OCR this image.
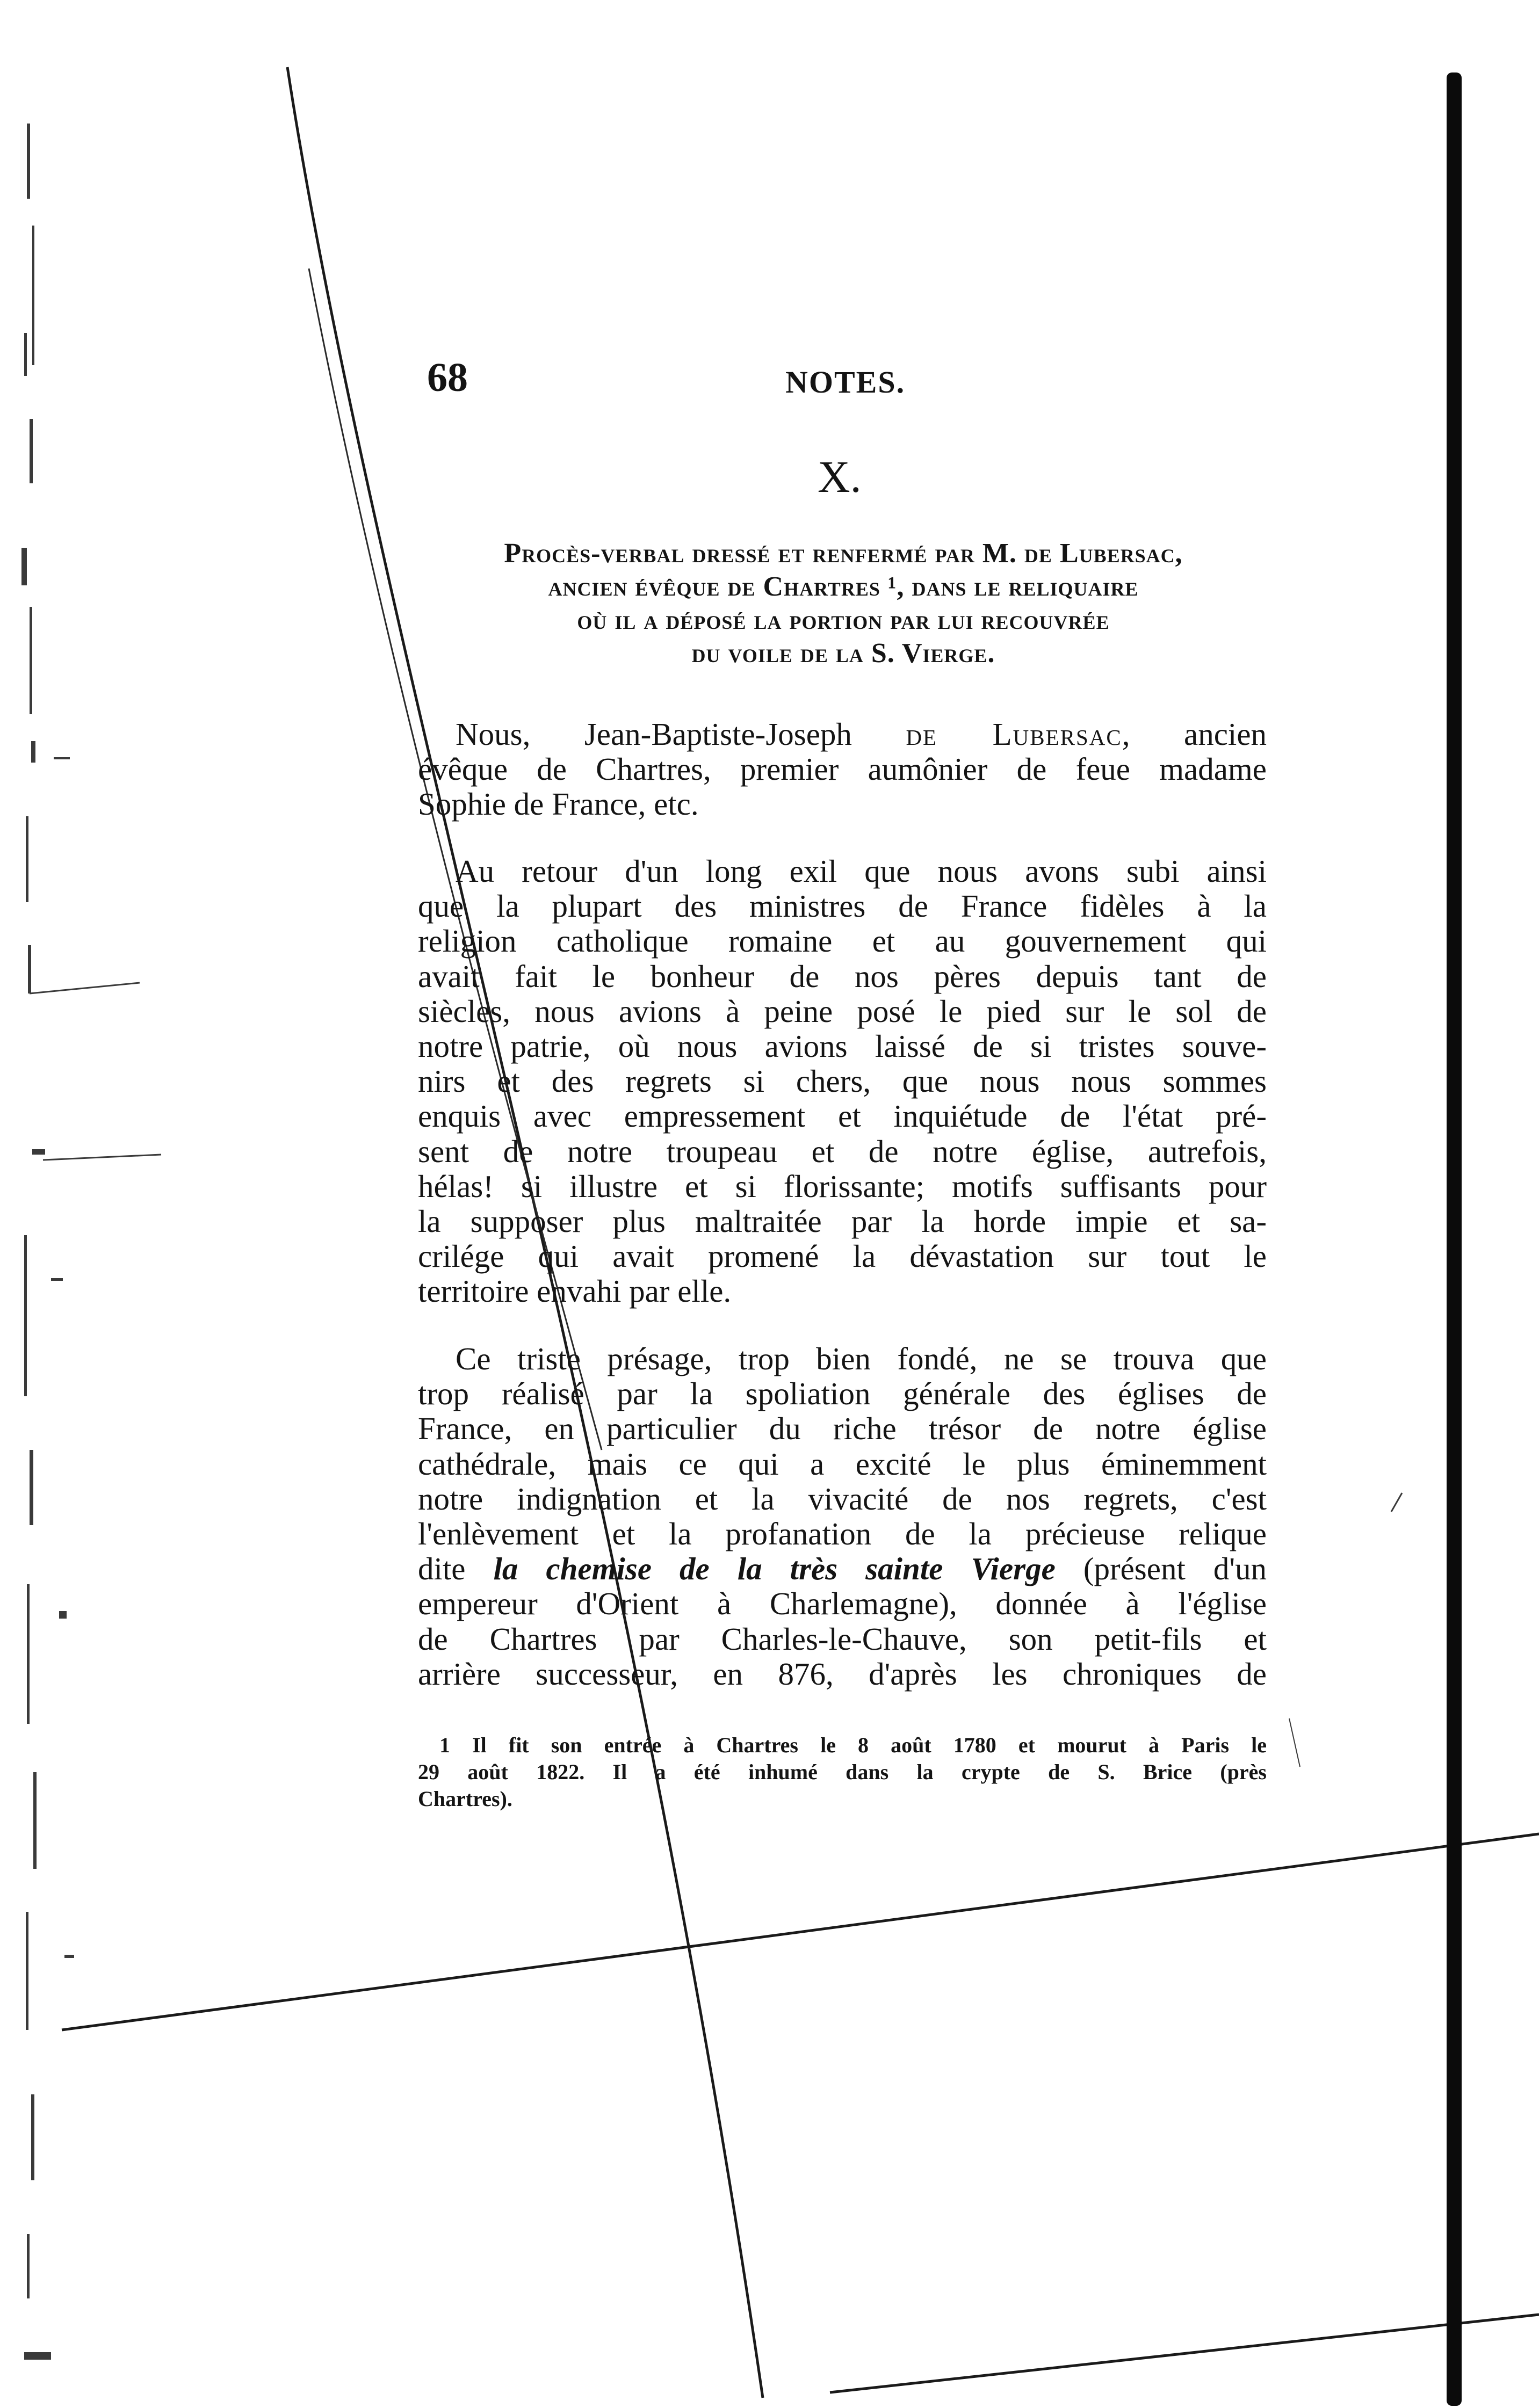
68	NOTES.
X.
Procès-verbal dressé et renfermé par M. de Lubersac,
ancien évêque de Chartres ¹, dans le reliquaire
où il a déposé la portion par lui recouvrée
du voile de la S. Vierge.
Nous, Jean-Baptiste-Joseph de Lubersac, ancien
évêque de Chartres, premier aumônier de feue madame
Sophie de France, etc.
Au retour d'un long exil que nous avons subi ainsi
que la plupart des ministres de France fidèles à la
religion catholique romaine et au gouvernement qui
avait fait le bonheur de nos pères depuis tant de
siècles, nous avions à peine posé le pied sur le sol de
notre patrie, où nous avions laissé de si tristes souve-
nirs et des regrets si chers, que nous nous sommes
enquis avec empressement et inquiétude de l'état pré-
sent de notre troupeau et de notre église, autrefois,
hélas! si illustre et si florissante; motifs suffisants pour
la supposer plus maltraitée par la horde impie et sa-
crilége qui avait promené la dévastation sur tout le
territoire envahi par elle.
Ce triste présage, trop bien fondé, ne se trouva que
trop réalisé par la spoliation générale des églises de
France, en particulier du riche trésor de notre église
cathédrale, mais ce qui a excité le plus éminemment
notre indignation et la vivacité de nos regrets, c'est
l'enlèvement et la profanation de la précieuse relique
dite la chemise de la très sainte Vierge (présent d'un
empereur d'Orient à Charlemagne), donnée à l'église
de Chartres par Charles-le-Chauve, son petit-fils et
arrière successeur, en 876, d'après les chroniques de
1 Il fit son entrée à Chartres le 8 août 1780 et mourut à Paris le
29 août 1822. Il a été inhumé dans la crypte de S. Brice (près
Chartres).
